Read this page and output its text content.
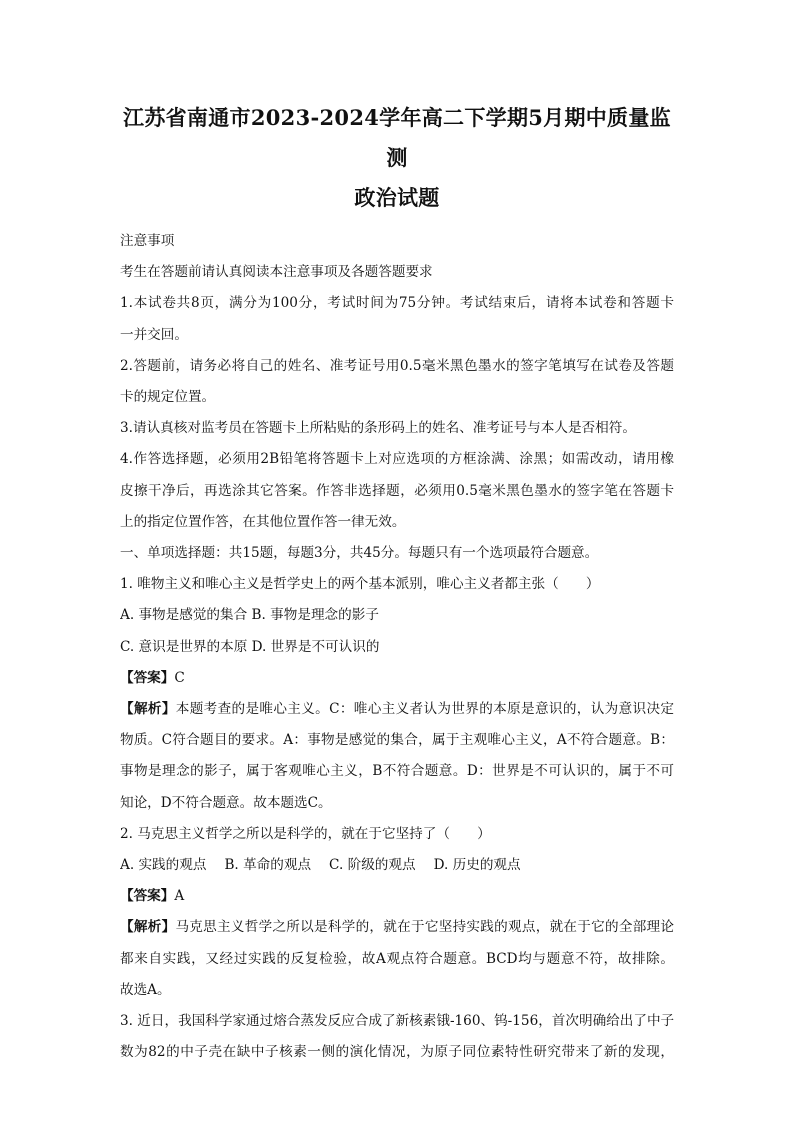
江苏省南通市2023-2024学年高二下学期5月期中质量监测
政治试题

注意事项

考生在答题前请认真阅读本注意事项及各题答题要求

1.本试卷共8页，满分为100分，考试时间为75分钟。考试结束后，请将本试卷和答题卡

一并交回。

2.答题前，请务必将自己的姓名、准考证号用0.5毫米黑色墨水的签字笔填写在试卷及答题

卡的规定位置。

3.请认真核对监考员在答题卡上所粘贴的条形码上的姓名、准考证号与本人是否相符。

4.作答选择题，必须用2B铅笔将答题卡上对应选项的方框涂满、涂黑；如需改动，请用橡

皮擦干净后，再选涂其它答案。作答非选择题，必须用0.5毫米黑色墨水的签字笔在答题卡

上的指定位置作答，在其他位置作答一律无效。

一、单项选择题：共15题，每题3分，共45分。每题只有一个选项最符合题意。

1. 唯物主义和唯心主义是哲学史上的两个基本派别，唯心主义者都主张（　　）

A. 事物是感觉的集合 B. 事物是理念的影子

C. 意识是世界的本原 D. 世界是不可认识的

【答案】C

【解析】本题考查的是唯心主义。C：唯心主义者认为世界的本原是意识的，认为意识决定

物质。C符合题目的要求。A：事物是感觉的集合，属于主观唯心主义，A不符合题意。B：

事物是理念的影子，属于客观唯心主义，B不符合题意。D：世界是不可认识的，属于不可

知论，D不符合题意。故本题选C。

2. 马克思主义哲学之所以是科学的，就在于它坚持了（　　）

A. 实践的观点 B. 革命的观点 C. 阶级的观点 D. 历史的观点

【答案】A

【解析】马克思主义哲学之所以是科学的，就在于它坚持实践的观点，就在于它的全部理论

都来自实践，又经过实践的反复检验，故A观点符合题意。BCD均与题意不符，故排除。

故选A。

3. 近日，我国科学家通过熔合蒸发反应合成了新核素锇-160、钨-156，首次明确给出了中子

数为82的中子壳在缺中子核素一侧的演化情况，为原子同位素特性研究带来了新的发现，
